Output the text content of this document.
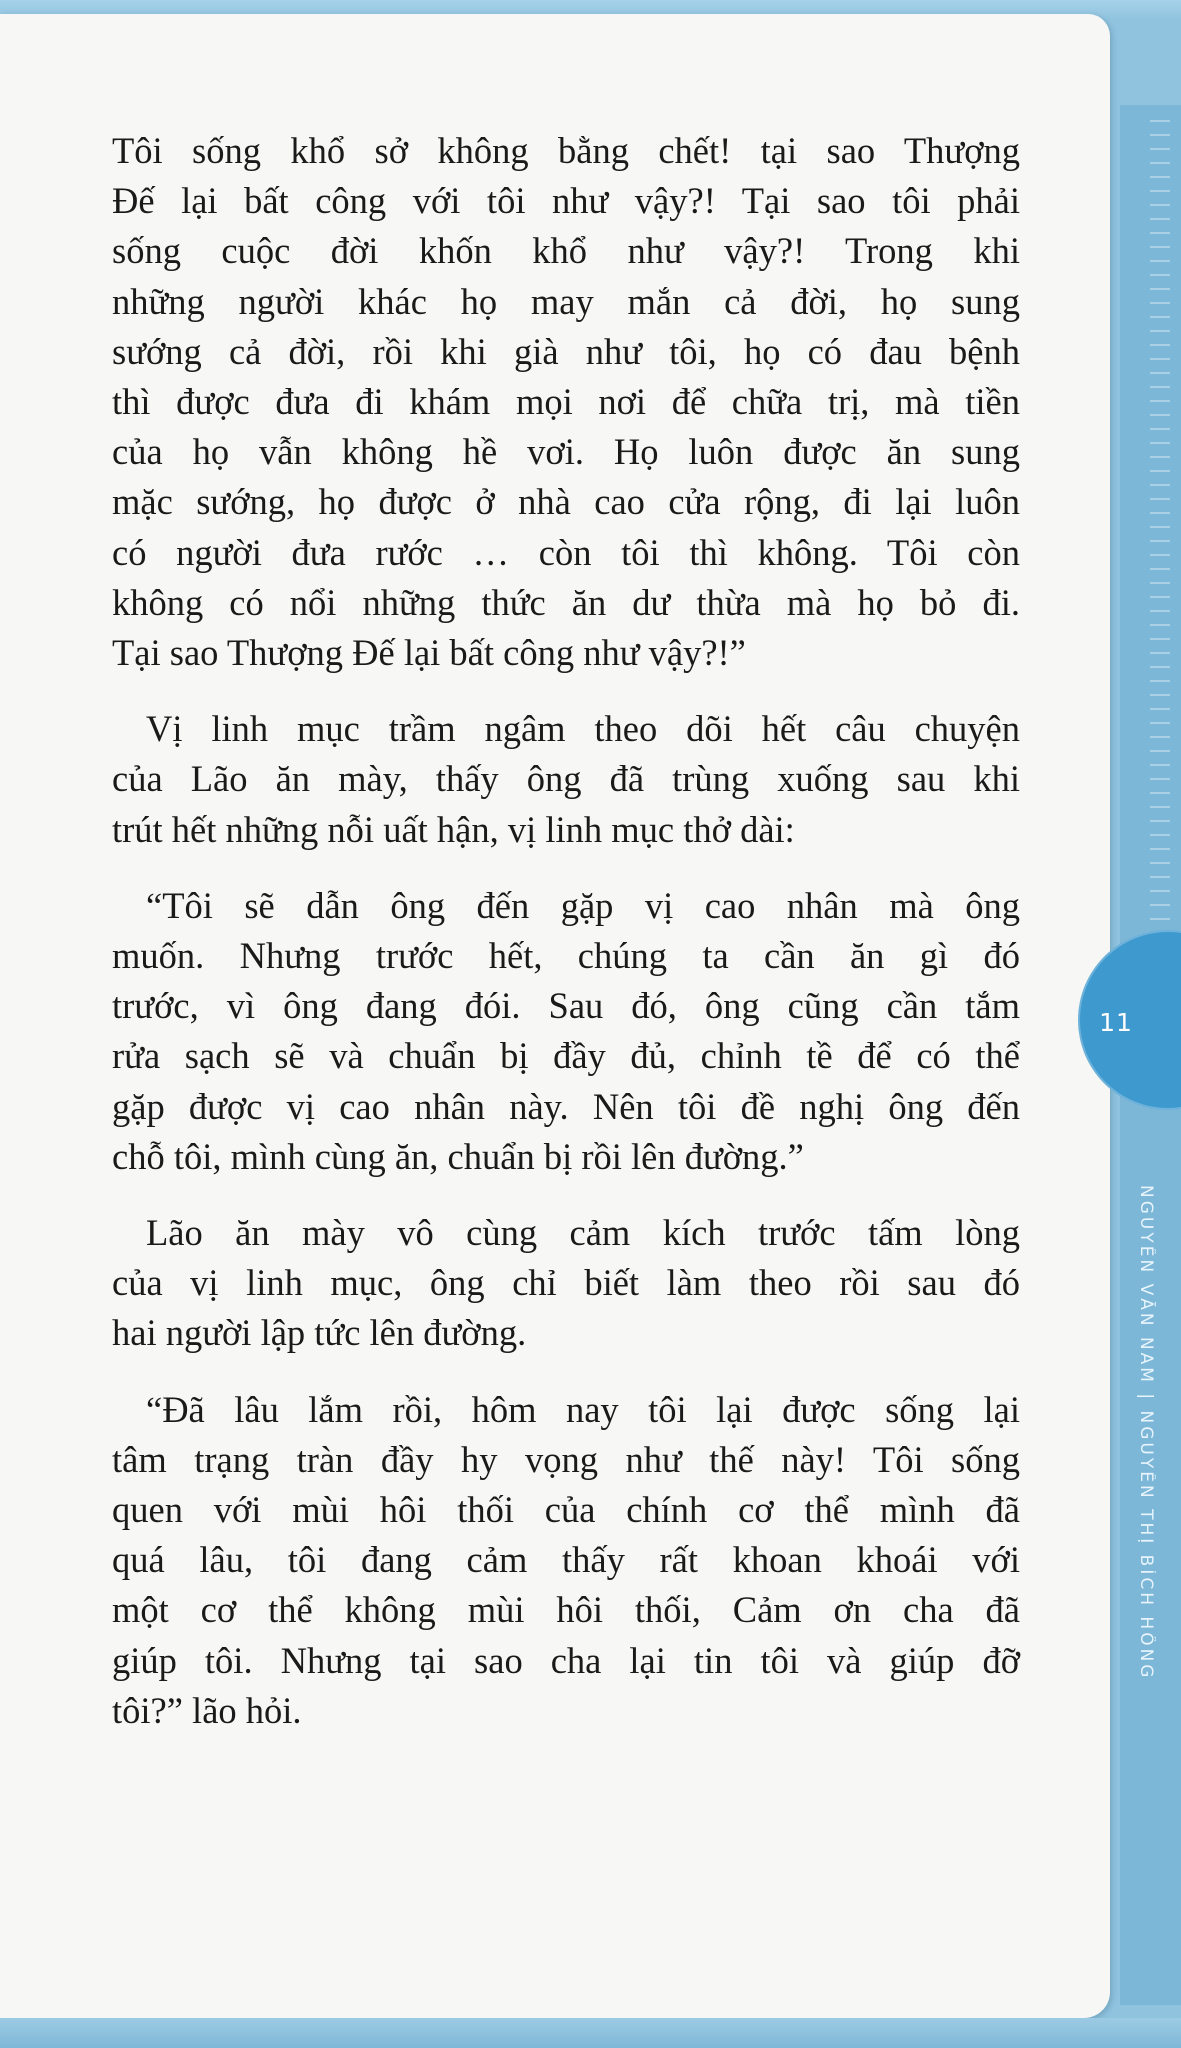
11
NGUYỄN VĂN NAM | NGUYỄN THỊ BÍCH HỒNG

Tôi sống khổ sở không bằng chết! tại sao Thượng
Đế lại bất công với tôi như vậy?! Tại sao tôi phải
sống cuộc đời khốn khổ như vậy?! Trong khi
những người khác họ may mắn cả đời, họ sung
sướng cả đời, rồi khi già như tôi, họ có đau bệnh
thì được đưa đi khám mọi nơi để chữa trị, mà tiền
của họ vẫn không hề vơi. Họ luôn được ăn sung
mặc sướng, họ được ở nhà cao cửa rộng, đi lại luôn
có người đưa rước … còn tôi thì không. Tôi còn
không có nổi những thức ăn dư thừa mà họ bỏ đi.
Tại sao Thượng Đế lại bất công như vậy?!”

Vị linh mục trầm ngâm theo dõi hết câu chuyện
của Lão ăn mày, thấy ông đã trùng xuống sau khi
trút hết những nỗi uất hận, vị linh mục thở dài:

“Tôi sẽ dẫn ông đến gặp vị cao nhân mà ông
muốn. Nhưng trước hết, chúng ta cần ăn gì đó
trước, vì ông đang đói. Sau đó, ông cũng cần tắm
rửa sạch sẽ và chuẩn bị đầy đủ, chỉnh tề để có thể
gặp được vị cao nhân này. Nên tôi đề nghị ông đến
chỗ tôi, mình cùng ăn, chuẩn bị rồi lên đường.”

Lão ăn mày vô cùng cảm kích trước tấm lòng
của vị linh mục, ông chỉ biết làm theo rồi sau đó
hai người lập tức lên đường.

“Đã lâu lắm rồi, hôm nay tôi lại được sống lại
tâm trạng tràn đầy hy vọng như thế này! Tôi sống
quen với mùi hôi thối của chính cơ thể mình đã
quá lâu, tôi đang cảm thấy rất khoan khoái với
một cơ thể không mùi hôi thối, Cảm ơn cha đã
giúp tôi. Nhưng tại sao cha lại tin tôi và giúp đỡ
tôi?” lão hỏi.
